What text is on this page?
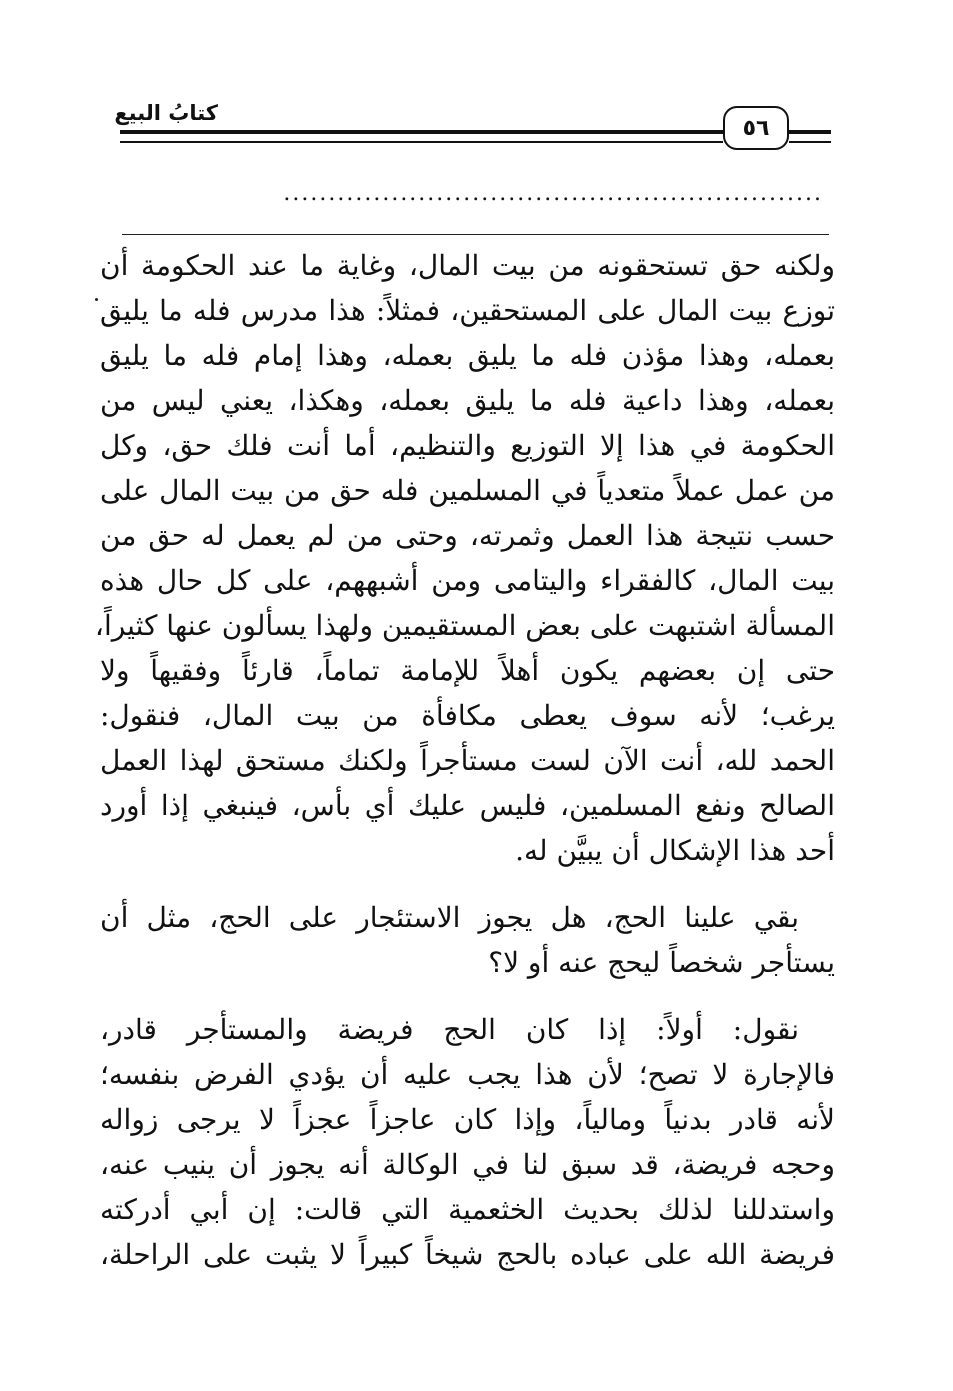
كتابُ البيع
٥٦
............................................................
ولكنه حق تستحقونه من بيت المال، وغاية ما عند الحكومة أن
توزع بيت المال على المستحقين، فمثلاً: هذا مدرس فله ما يليق
بعمله، وهذا مؤذن فله ما يليق بعمله، وهذا إمام فله ما يليق
بعمله، وهذا داعية فله ما يليق بعمله، وهكذا، يعني ليس من
الحكومة في هذا إلا التوزيع والتنظيم، أما أنت فلك حق، وكل
من عمل عملاً متعدياً في المسلمين فله حق من بيت المال على
حسب نتيجة هذا العمل وثمرته، وحتى من لم يعمل له حق من
بيت المال، كالفقراء واليتامى ومن أشبههم، على كل حال هذه
المسألة اشتبهت على بعض المستقيمين ولهذا يسألون عنها كثيراً،
حتى إن بعضهم يكون أهلاً للإمامة تماماً، قارئاً وفقيهاً ولا
يرغب؛ لأنه سوف يعطى مكافأة من بيت المال، فنقول:
الحمد لله، أنت الآن لست مستأجراً ولكنك مستحق لهذا العمل
الصالح ونفع المسلمين، فليس عليك أي بأس، فينبغي إذا أورد
أحد هذا الإشكال أن يبيَّن له.
بقي علينا الحج، هل يجوز الاستئجار على الحج، مثل أن
يستأجر شخصاً ليحج عنه أو لا؟
نقول: أولاً: إذا كان الحج فريضة والمستأجر قادر،
فالإجارة لا تصح؛ لأن هذا يجب عليه أن يؤدي الفرض بنفسه؛
لأنه قادر بدنياً ومالياً، وإذا كان عاجزاً عجزاً لا يرجى زواله
وحجه فريضة، قد سبق لنا في الوكالة أنه يجوز أن ينيب عنه،
واستدللنا لذلك بحديث الخثعمية التي قالت: إن أبي أدركته
فريضة الله على عباده بالحج شيخاً كبيراً لا يثبت على الراحلة،
